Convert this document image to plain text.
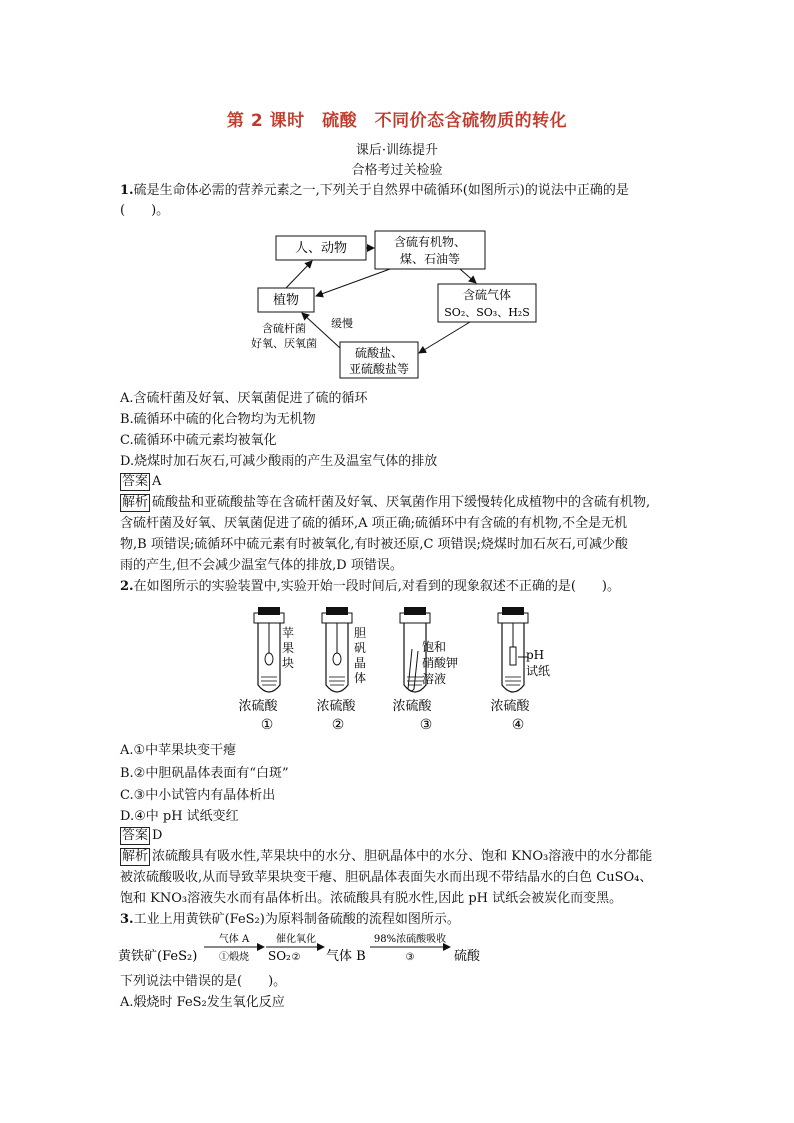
第 2 课时　硫酸　不同价态含硫物质的转化
课后·训练提升
合格考过关检验
1.硫是生命体必需的营养元素之一,下列关于自然界中硫循环(如图所示)的说法中正确的是
(　　)。
人、动物	含硫有机物、
煤、石油等
植物	含硫气体
SO₂、SO₃、H₂S
硫酸盐、
亚硫酸盐等
含硫杆菌
好氧、厌氧菌
缓慢
A.含硫杆菌及好氧、厌氧菌促进了硫的循环
B.硫循环中硫的化合物均为无机物
C.硫循环中硫元素均被氧化
D.烧煤时加石灰石,可减少酸雨的产生及温室气体的排放
答案 A
解析 硫酸盐和亚硫酸盐等在含硫杆菌及好氧、厌氧菌作用下缓慢转化成植物中的含硫有机物,
含硫杆菌及好氧、厌氧菌促进了硫的循环,A 项正确;硫循环中有含硫的有机物,不全是无机
物,B 项错误;硫循环中硫元素有时被氧化,有时被还原,C 项错误;烧煤时加石灰石,可减少酸
雨的产生,但不会减少温室气体的排放,D 项错误。
2.在如图所示的实验装置中,实验开始一段时间后,对看到的现象叙述不正确的是(　　)。
苹
果
块
浓硫酸
①
胆
矾
晶
体
浓硫酸
②
饱和
硝酸钾
溶液
浓硫酸
③
pH
试纸
浓硫酸
④
A.①中苹果块变干瘪
B.②中胆矾晶体表面有“白斑”
C.③中小试管内有晶体析出
D.④中 pH 试纸变红
答案 D
解析 浓硫酸具有吸水性,苹果块中的水分、胆矾晶体中的水分、饱和 KNO₃溶液中的水分都能
被浓硫酸吸收,从而导致苹果块变干瘪、胆矾晶体表面失水而出现不带结晶水的白色 CuSO₄、
饱和 KNO₃溶液失水而有晶体析出。浓硫酸具有脱水性,因此 pH 试纸会被炭化而变黑。
3.工业上用黄铁矿(FeS₂)为原料制备硫酸的流程如图所示。
黄铁矿(FeS₂)
气体 A
①煅烧 SO₂
催化氧化
② 气体 B
98%浓硫酸吸收
③	硫酸
下列说法中错误的是(　　)。
A.煅烧时 FeS₂发生氧化反应
